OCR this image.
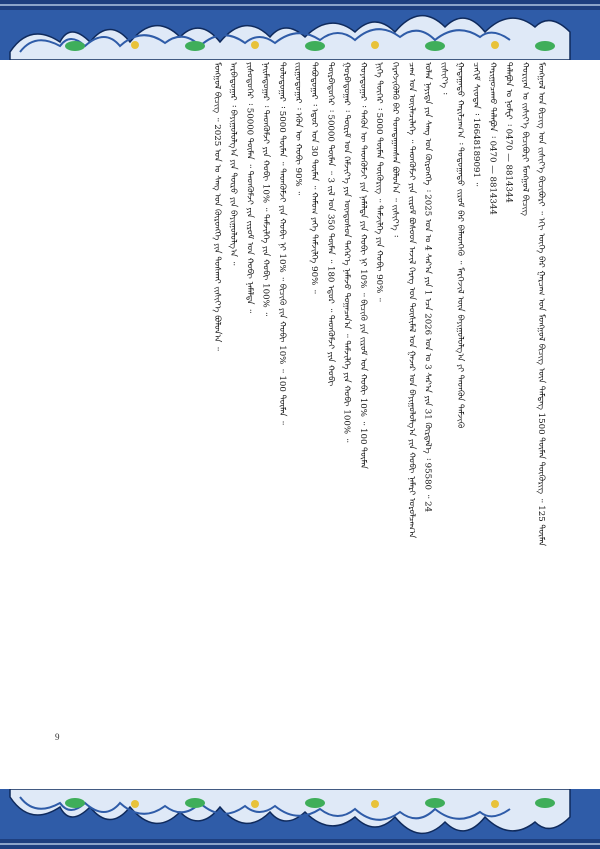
ᠮᠣᠩᠭᠣᠯ ᠤᠨ ᠪᠢᠴᠢᠭ ᠤᠨ ᠵᠢᠰᠢᠶ᠎ᠡ ᠪᠢᠴᠢᠪᠦᠷᠢ ᠃ ᠡᠬᠢ ᠦᠭᠡ ᠪᠠᠷ ᠭᠠᠷᠴᠠᠭ ᠤᠨ ᠮᠣᠩᠭᠣᠯ ᠪᠢᠴᠢᠭ ᠦᠨ ᠲᠡᠮᠳᠡᠭ 1500 ᠲᠦᠮᠡᠨ ᠲᠥᠭᠦᠷᠢᠭ ᠃ 125 ᠲᠦᠮᠡᠨ
ᠬᠣᠷᠢᠶᠠᠨ ᠤ ᠵᠢᠰᠢᠶ᠎ᠡ ᠪᠢᠴᠢᠪᠦᠷᠢ ᠮᠣᠩᠭᠣᠯ ᠪᠢᠴᠢᠭ
ᠲᠡᠯᠡᠹᠣᠨ ᠤ ᠨᠣᠮᠧᠷ ᠄ 0470 — 8814344
ᠬᠠᠷᠢᠭᠤᠴᠠᠬᠤ ᠲᠡᠯᠡᠹᠣᠨ ᠄ 0470 — 8814344
ᠴᠠᠬᠢᠮ ᠰᠢᠤᠳᠠᠨ ᠄ 16648189091 ᠃
ᠭᠠᠳᠠᠭᠠᠳᠤ ᠬᠠᠷᠢᠯᠴᠠᠭ᠎ᠠ ᠄ ᠳᠣᠲᠣᠭᠠᠳᠤ ᠵᠢᠷᠤᠮ ᠪᠠᠷ ᠪᠡᠯᠡᠳᠬᠡᠬᠦ ᠃ ᠮᠡᠷᠭᠡᠵᠢᠯ ᠦᠨ ᠪᠠᠶᠢᠭᠤᠯᠤᠯᠭ᠎ᠠ ᠶᠢ ᠲᠡᠳᠬᠦᠨ ᠳᠡᠮᠵᠢᠬᠦ
ᠵᠢᠰᠢᠶ᠎ᠡ ᠄
ᠣᠯᠠᠨ ᠨᠡᠶᠢᠲᠡ ᠶᠢᠨ ᠰᠠᠩ ᠤᠨ ᠬᠥᠷᠥᠩᠭᠡ ᠄ 2025 ᠣᠨ ᠤ 4 ᠰᠠᠷ᠎ᠠ ᠶᠢᠨ 1 ᠡᠴᠡ 2026 ᠣᠨ ᠤ 3 ᠰᠠᠷ᠎ᠠ ᠶᠢᠨ 31 ᠬᠦᠷᠲᠡᠯ᠎ᠡ ᠄ 95580 ᠃ 24
ᠴᠠᠭ ᠤᠨ ᠦᠢᠯᠡᠴᠢᠯᠡᠭᠡ ᠃ ᠲᠡᠳᠬᠦᠮᠵᠢ ᠶᠢᠨ ᠵᠢᠷᠤᠮ ᠪᠤᠰᠤᠳ ᠠᠵᠢᠯ ᠬᠡᠷᠡᠭ ᠤᠨ ᠲᠦᠰᠢᠮᠡᠯ ᠤᠨ ᠭᠠᠵᠠᠷ ᠤᠨ ᠪᠠᠶᠢᠭᠤᠯᠤᠯᠭ᠎ᠠ ᠶᠢᠨ ᠬᠤᠪᠢ ᠨᠡᠮᠡᠷᠢ ᠣᠷᠤᠯᠴᠠᠭ᠎ᠠ
ᠬᠡᠷᠡᠭᠵᠢᠭᠦᠯᠬᠦ ᠪᠠᠷ ᠲᠣᠭᠲᠠᠭᠠᠭᠰᠠᠨ ᠪᠣᠯᠤᠨ᠎ᠠ ᠃ ᠵᠢᠰᠢᠶ᠎ᠡ ᠄
ᠨᠢᠭᠡ ᠳᠦᠭᠡᠷ ᠄ 5000 ᠲᠦᠮᠡᠨ ᠲᠥᠭᠦᠷᠢᠭ ᠃ ᠳᠡᠮᠵᠢᠯᠭᠡ ᠶᠢᠨ ᠬᠤᠪᠢ 90% ᠃
ᠬᠣᠶᠠᠳᠤᠭᠠᠷ ᠄ ᠲᠡᠭᠦᠨ ᠦ ᠲᠡᠳᠬᠦᠮᠵᠢ ᠶᠢᠨ ᠨᠡᠮᠡᠯᠲᠡ ᠶᠢᠨ ᠬᠤᠪᠢ ᠨᠢ 10% ᠃ ᠪᠢᠴᠢᠬᠦ ᠶᠢᠨ ᠵᠢᠷᠤᠮ ᠤᠨ ᠬᠤᠪᠢ 10% ᠃ 100 ᠲᠦᠮᠡᠨ
ᠭᠤᠷᠪᠠᠳᠤᠭᠠᠷ ᠄ ᠳᠦᠷᠢᠮ ᠤᠨ ᠬᠡᠮᠵᠢᠶ᠎ᠡ ᠶᠢᠨ ᠦᠨᠳᠦᠰᠦᠨ ᠳᠡᠭᠡᠷ᠎ᠡ ᠨᠡᠮᠡᠵᠦ ᠲᠣᠭᠠᠴᠠᠨ᠎ᠠ ᠃ ᠳᠡᠮᠵᠢᠯᠭᠡ ᠶᠢᠨ ᠬᠤᠪᠢ 100% ᠃
ᠳᠥᠷᠪᠡᠳᠦᠭᠡᠷ ᠄ 50000 ᠲᠦᠮᠡᠨ ᠃ 3 ᠵᠢᠯ ᠤᠨ 350 ᠲᠦᠮᠡᠨ ᠃ 180 ᠡᠳᠦᠷ ᠃ ᠲᠡᠳᠬᠦᠮᠵᠢ ᠶᠢᠨ ᠬᠤᠪᠢ
ᠲᠠᠪᠤᠳᠤᠭᠠᠷ ᠄ ᠡᠳᠦᠷ ᠤᠨ 30 ᠲᠦᠮᠡᠨ ᠃ ᠬᠠᠮᠤᠭ ᠶᠡᠬᠡ ᠳᠡᠮᠵᠢᠯᠭᠡ 90% ᠃
ᠵᠢᠷᠭᠤᠳᠤᠭᠠᠷ ᠄ ᠡᠭᠦᠨ ᠦ ᠬᠤᠪᠢ 90% ᠃
ᠳᠣᠯᠤᠳᠤᠭᠠᠷ ᠄ 5000 ᠲᠦᠮᠡᠨ ᠃ ᠲᠡᠳᠬᠦᠮᠵᠢ ᠶᠢᠨ ᠬᠤᠪᠢ ᠨᠢ 10% ᠃ ᠪᠢᠴᠢᠬᠦ ᠶᠢᠨ ᠬᠤᠪᠢ 10% ᠃ 100 ᠲᠦᠮᠡᠨ ᠃
ᠨᠠᠢᠮᠠᠳᠤᠭᠠᠷ ᠄ ᠲᠡᠳᠬᠦᠮᠵᠢ ᠶᠢᠨ ᠬᠤᠪᠢ 10% ᠃ ᠳᠡᠮᠵᠢᠯᠭᠡ ᠶᠢᠨ ᠬᠤᠪᠢ 100% ᠃
ᠶᠢᠰᠦᠳᠦᠭᠡᠷ ᠄ 50000 ᠲᠦᠮᠡᠨ ᠃ ᠲᠡᠳᠬᠦᠮᠵᠢ ᠶᠢᠨ ᠵᠢᠷᠤᠮ ᠤᠨ ᠬᠤᠪᠢ ᠨᠡᠮᠡᠯᠲᠡ ᠃
ᠠᠷᠪᠠᠳᠤᠭᠠᠷ ᠄ ᠪᠠᠶᠢᠭᠤᠯᠤᠯᠭ᠎ᠠ ᠶᠢᠨ ᠲᠦᠷᠦ ᠶᠢᠨ ᠪᠠᠶᠢᠭᠤᠯᠤᠯᠭ᠎ᠠ ᠃
ᠮᠣᠩᠭᠣᠯ ᠪᠢᠴᠢᠭ ᠃ 2025 ᠣᠨ ᠤ ᠰᠠᠩ ᠤᠨ ᠬᠥᠷᠥᠩᠭᠡ ᠶᠢᠨ ᠲᠤᠰᠬᠠᠢ ᠵᠢᠰᠢᠶ᠎ᠡ ᠪᠣᠯᠤᠨ᠎ᠠ ᠃
9
